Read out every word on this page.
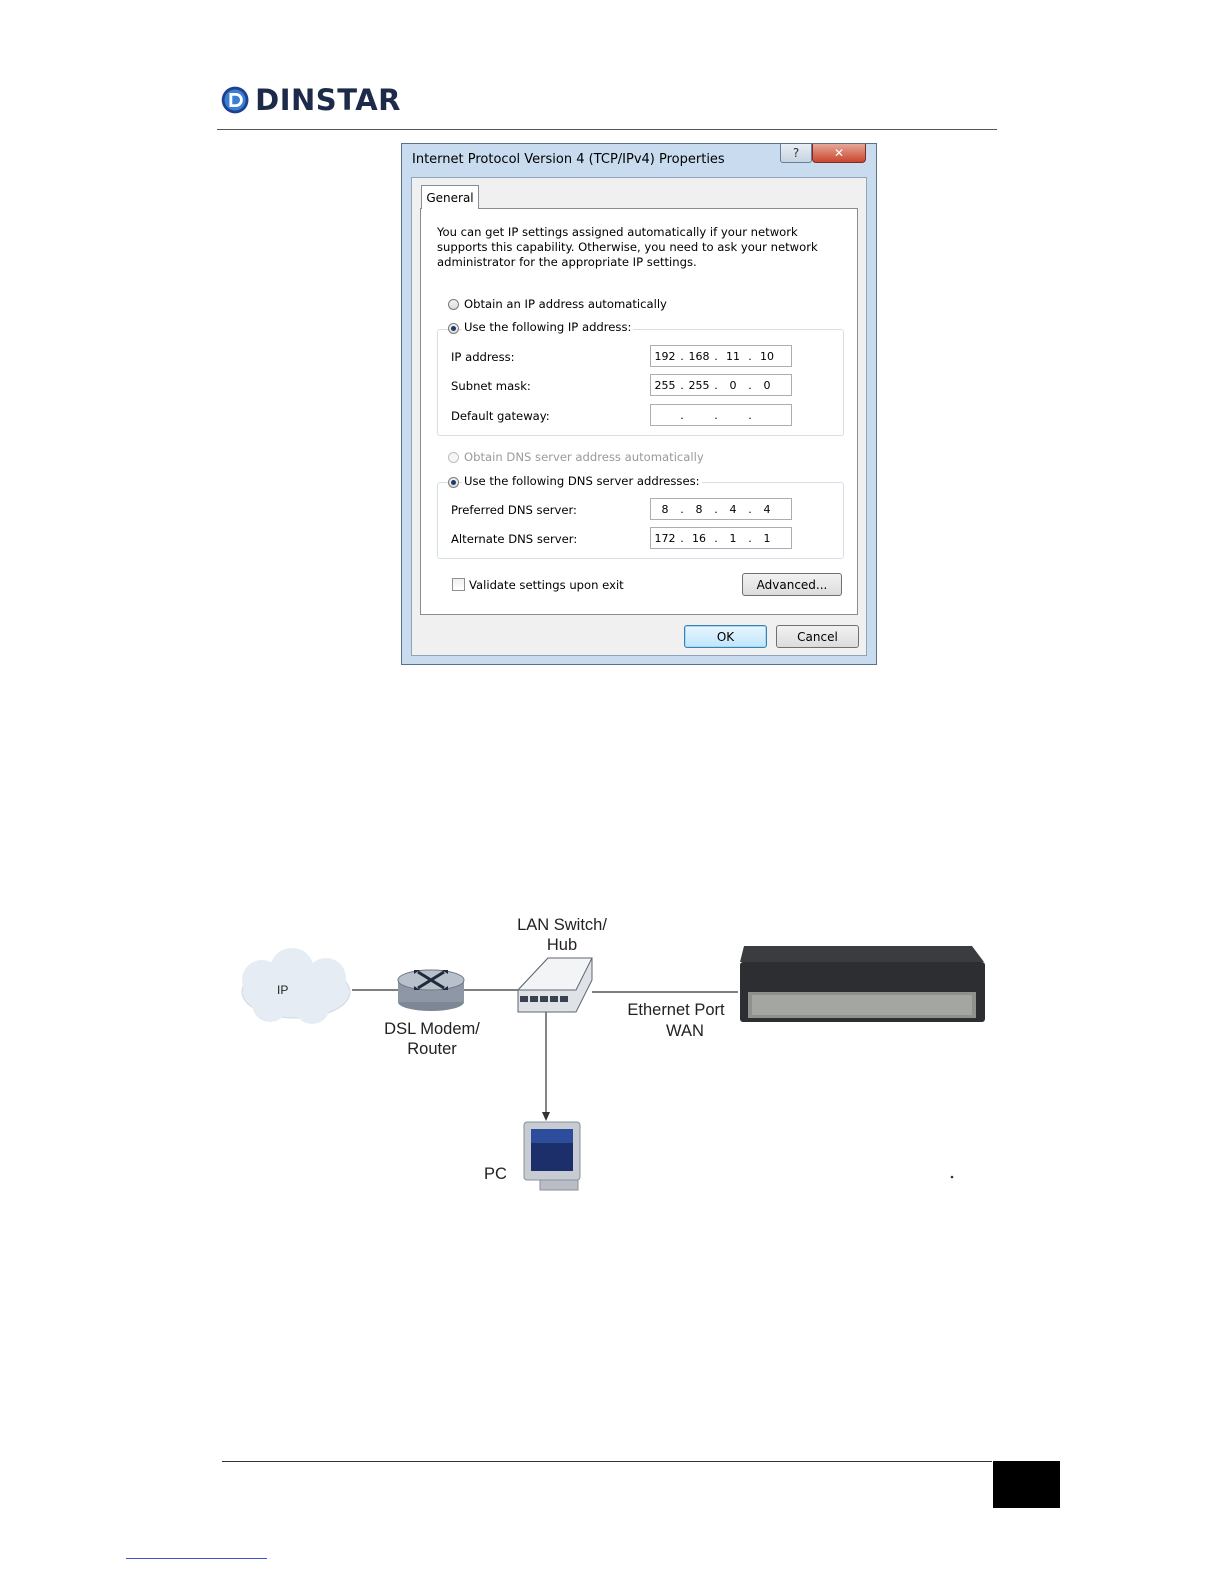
DINSTAR
Internet Protocol Version 4 (TCP/IPv4) Properties	?	✕
General
You can get IP settings assigned automatically if your network supports this capability. Otherwise, you need to ask your network administrator for the appropriate IP settings.
Obtain an IP address automatically
Use the following IP address:
IP address:	192 . 168 . 11 . 10
Subnet mask:	255 . 255 .	0	.	0
Default gateway:	.	.	.
Obtain DNS server address automatically
Use the following DNS server addresses:
Preferred DNS server:	8	.	8	.	4	.	4
Alternate DNS server:	172 . 16 .	1	.	1
Validate settings upon exit	Advanced...
OK	Cancel
IP
DSL Modem/
Router
LAN Switch/
Hub
Ethernet Port
WAN
PC
